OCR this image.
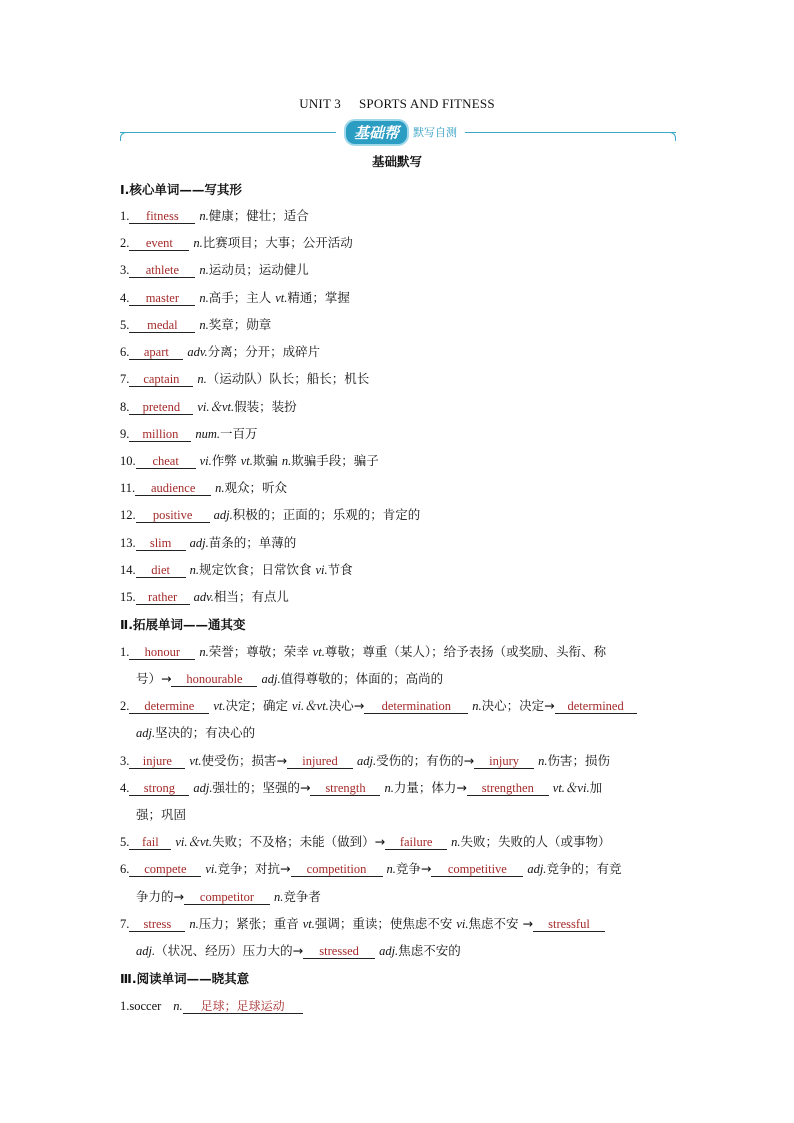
UNIT 3 SPORTS AND FITNESS
基础帮	默写自测
基础默写
Ⅰ.核心单词——写其形
1. fitness n.健康；健壮；适合
2. event n.比赛项目；大事；公开活动
3. athlete n.运动员；运动健儿
4. master n.高手；主人 vt.精通；掌握
5. medal n.奖章；勋章
6. apart adv.分离；分开；成碎片
7. captain n.（运动队）队长；船长；机长
8. pretend vi.＆vt.假装；装扮
9. million num.一百万
10. cheat vi.作弊 vt.欺骗 n.欺骗手段；骗子
11. audience n.观众；听众
12. positive adj.积极的；正面的；乐观的；肯定的
13. slim adj.苗条的；单薄的
14. diet n.规定饮食；日常饮食 vi.节食
15. rather adv.相当；有点儿
Ⅱ.拓展单词——通其变
1. honour n.荣誉；尊敬；荣幸 vt.尊敬；尊重（某人）；给予表扬（或奖励、头衔、称
号）→ honourable adj.值得尊敬的；体面的；高尚的
2. determine vt.决定；确定 vi.＆vt.决心→ determination n.决心；决定→ determined
adj.坚决的；有决心的
3. injure vt.使受伤；损害→ injured adj.受伤的；有伤的→ injury n.伤害；损伤
4. strong adj.强壮的；坚强的→ strength n.力量；体力→ strengthen vt.＆vi.加
强；巩固
5. fail vi.＆vt.失败；不及格；未能（做到）→ failure n.失败；失败的人（或事物）
6. compete vi.竞争；对抗→ competition n.竞争→ competitive adj.竞争的；有竞
争力的→ competitor n.竞争者
7. stress n.压力；紧张；重音 vt.强调；重读；使焦虑不安 vi.焦虑不安 → stressful
adj.（状况、经历）压力大的→ stressed adj.焦虑不安的
Ⅲ.阅读单词——晓其意
1.soccer n. 足球；足球运动
